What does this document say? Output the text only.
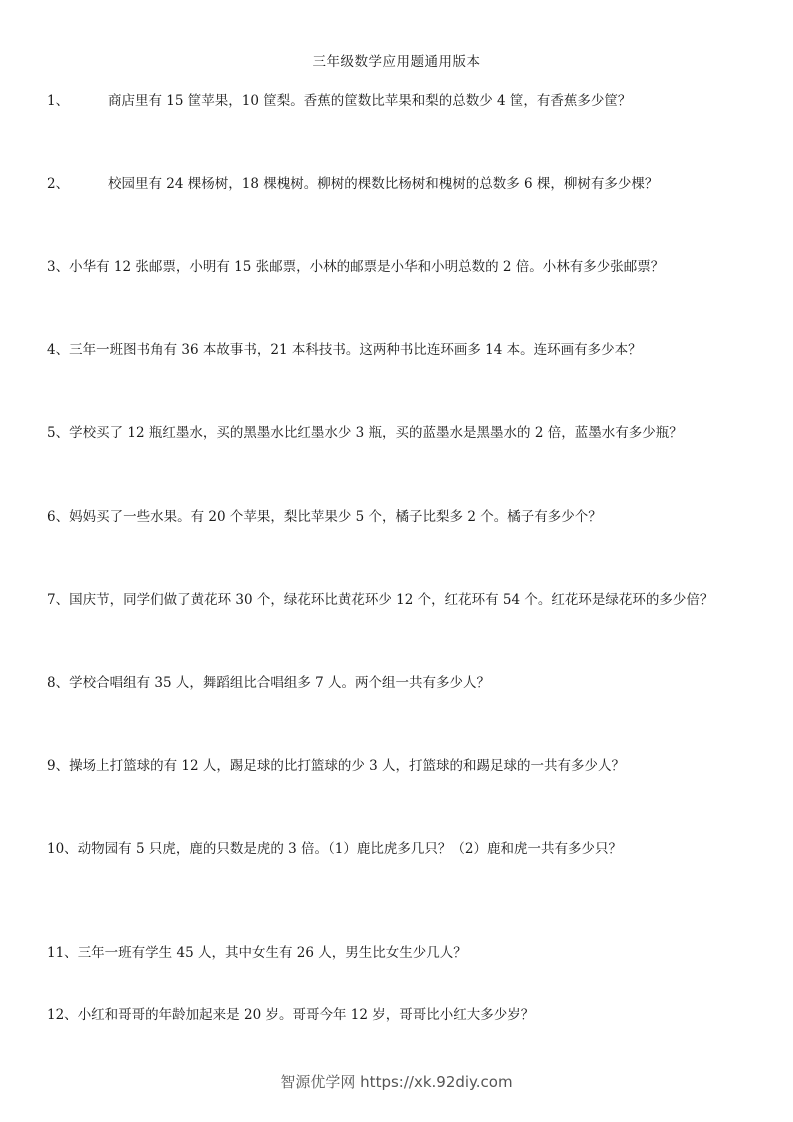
三年级数学应用题通用版本
1、	商店里有 15 筐苹果，10 筐梨。香蕉的筐数比苹果和梨的总数少 4 筐，有香蕉多少筐？
2、	校园里有 24 棵杨树，18 棵槐树。柳树的棵数比杨树和槐树的总数多 6 棵，柳树有多少棵？
3、小华有 12 张邮票，小明有 15 张邮票，小林的邮票是小华和小明总数的 2 倍。小林有多少张邮票？
4、三年一班图书角有 36 本故事书，21 本科技书。这两种书比连环画多 14 本。连环画有多少本？
5、学校买了 12 瓶红墨水，买的黑墨水比红墨水少 3 瓶，买的蓝墨水是黑墨水的 2 倍，蓝墨水有多少瓶？
6、妈妈买了一些水果。有 20 个苹果，梨比苹果少 5 个，橘子比梨多 2 个。橘子有多少个？
7、国庆节，同学们做了黄花环 30 个，绿花环比黄花环少 12 个，红花环有 54 个。红花环是绿花环的多少倍？
8、学校合唱组有 35 人，舞蹈组比合唱组多 7 人。两个组一共有多少人？
9、操场上打篮球的有 12 人，踢足球的比打篮球的少 3 人，打篮球的和踢足球的一共有多少人？
10、动物园有 5 只虎，鹿的只数是虎的 3 倍。（1）鹿比虎多几只？（2）鹿和虎一共有多少只？
11、三年一班有学生 45 人，其中女生有 26 人，男生比女生少几人？
12、小红和哥哥的年龄加起来是 20 岁。哥哥今年 12 岁，哥哥比小红大多少岁？
智源优学网 https://xk.92diy.com
